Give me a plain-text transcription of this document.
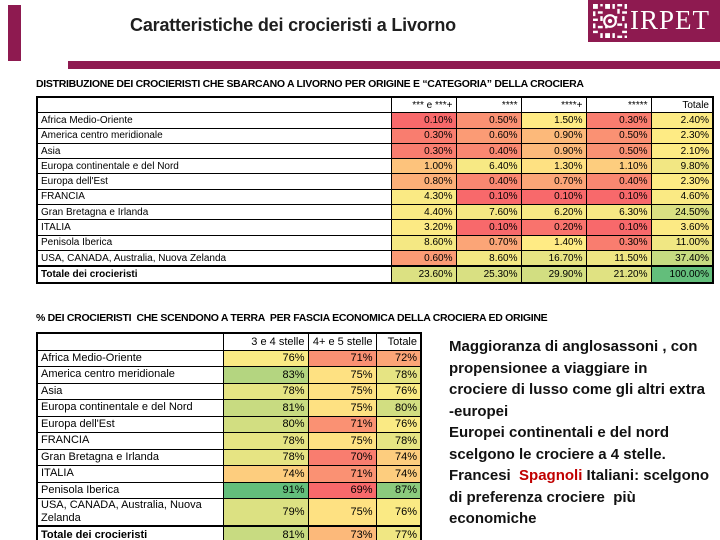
Caratteristiche dei crocieristi a Livorno	IRPET
DISTRIBUZIONE DEI CROCIERISTI CHE SBARCANO A LIVORNO PER ORIGINE E “CATEGORIA” DELLA CROCIERA
	*** e ***+	****	****+	*****	Totale
Africa Medio-Oriente	0.10%	0.50%	1.50%	0.30%	2.40%
America centro meridionale	0.30%	0.60%	0.90%	0.50%	2.30%
Asia	0.30%	0.40%	0.90%	0.50%	2.10%
Europa continentale e del Nord	1.00%	6.40%	1.30%	1.10%	9.80%
Europa dell'Est	0.80%	0.40%	0.70%	0.40%	2.30%
FRANCIA	4.30%	0.10%	0.10%	0.10%	4.60%
Gran Bretagna e Irlanda	4.40%	7.60%	6.20%	6.30%	24.50%
ITALIA	3.20%	0.10%	0.20%	0.10%	3.60%
Penisola Iberica	8.60%	0.70%	1.40%	0.30%	11.00%
USA, CANADA, Australia, Nuova Zelanda	0.60%	8.60%	16.70%	11.50%	37.40%
Totale dei crocieristi	23.60%	25.30%	29.90%	21.20%	100.00%
% DEI CROCIERISTI  CHE SCENDONO A TERRA  PER FASCIA ECONOMICA DELLA CROCIERA ED ORIGINE
	3 e 4 stelle	4+ e 5 stelle	Totale
Africa Medio-Oriente	76%	71%	72%
America centro meridionale	83%	75%	78%
Asia	78%	75%	76%
Europa continentale e del Nord	81%	75%	80%
Europa dell'Est	80%	71%	76%
FRANCIA	78%	75%	78%
Gran Bretagna e Irlanda	78%	70%	74%
ITALIA	74%	71%	74%
Penisola Iberica	91%	69%	87%
USA, CANADA, Australia, Nuova Zelanda	79%	75%	76%
Totale dei crocieristi	81%	73%	77%
Maggioranza di anglosassoni , con
propensionee a viaggiare in
crociere di lusso come gli altri extra
-europei
Europei continentali e del nord
scelgono le crociere a 4 stelle.
Francesi  Spagnoli Italiani: scelgono
di preferenza crociere  più
economiche
